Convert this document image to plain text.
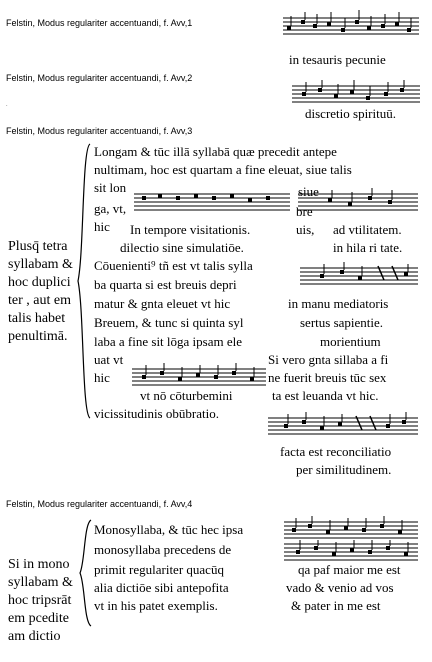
Felstin, Modus regulariter accentuandi, f. Avv,1
Felstin, Modus regulariter accentuandi, f. Avv,2
·
Felstin, Modus regulariter accentuandi, f. Avv,3
Felstin, Modus regulariter accentuandi, f. Avv,4
in tesauris pecunie
discretio spirituū.
Plusq̄ tetra
syllabam &
hoc duplici
ter , aut em
talis habet
penultimā.
Longam & tūc illā syllabā quæ precedit antepe
nultimam, hoc est quartam a fine eleuat, siue talis
sit lon	siue
ga, vt,	bre
hic In tempore visitationis.	uis, ad vtilitatem.
dilectio sine simulatiōe.	in hila ri tate.
Cōuenienti⁹ tñ est vt talis sylla
ba quarta si est breuis depri
matur & gnta eleuet vt hic	in manu mediatoris
Breuem, & tunc si quinta syl	sertus sapientie.
laba a fine sit lōga ipsam ele	morientium
uat vt	Si vero gnta sillaba a fi
hic	ne fuerit breuis tūc sex
vt nō cōturbemini	ta est leuanda vt hic.
vicissitudinis obūbratio.
facta est reconciliatio
per similitudinem.
Si in mono
syllabam &
hoc tripsrāt
em pcedite
am dictio
Monosyllaba, & tūc hec ipsa
monosyllaba precedens de
qa paf maior me est
primit regulariter quacūq
vado & venio ad vos
alia dictiōe sibi antepofita
& pater in me est
vt in his patet exemplis.
